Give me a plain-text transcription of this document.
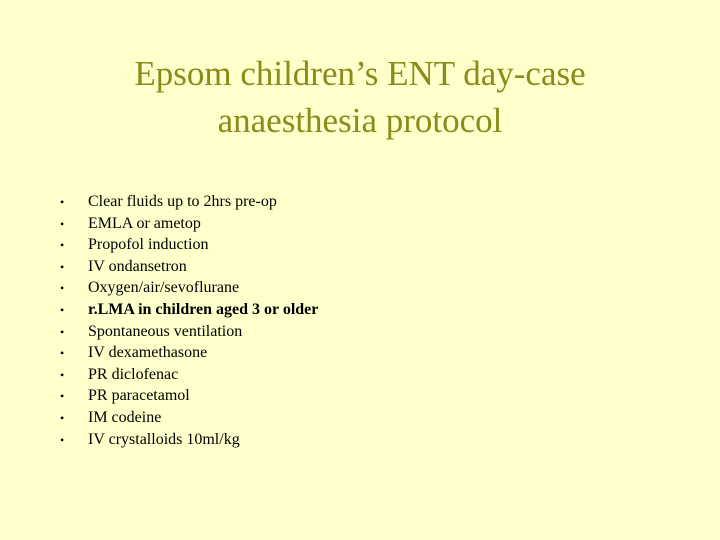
Epsom children’s ENT day-case
anaesthesia protocol
•	Clear fluids up to 2hrs pre-op
•	EMLA or ametop
•	Propofol induction
•	IV ondansetron
•	Oxygen/air/sevoflurane
•	r.LMA in children aged 3 or older
•	Spontaneous ventilation
•	IV dexamethasone
•	PR diclofenac
•	PR paracetamol
•	IM codeine
•	IV crystalloids 10ml/kg
